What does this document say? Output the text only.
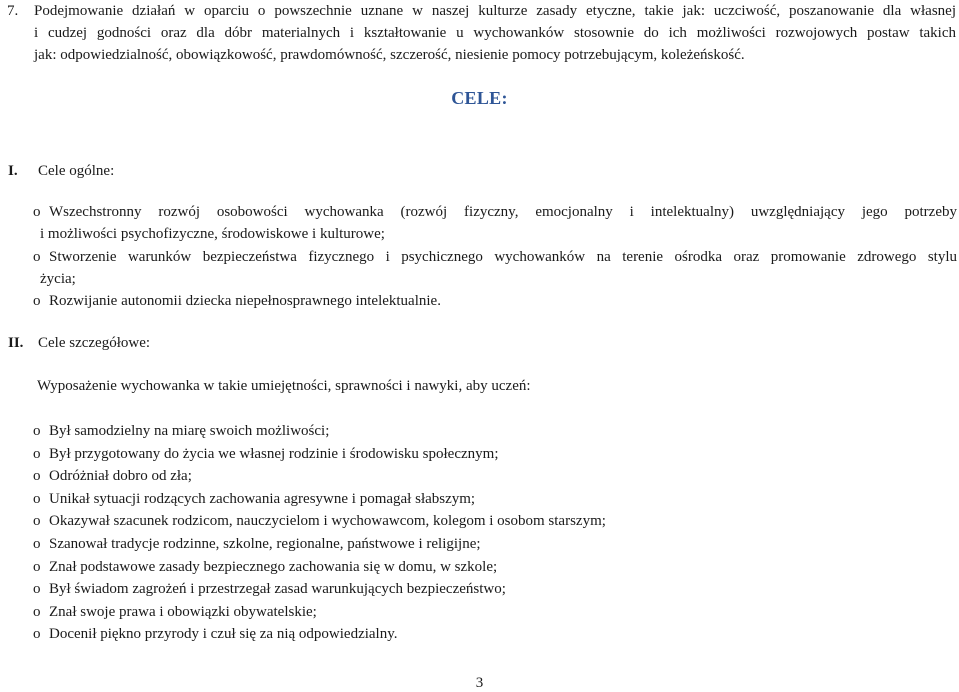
7. Podejmowanie działań w oparciu o powszechnie uznane w naszej kulturze zasady etyczne, takie jak: uczciwość, poszanowanie dla własnej
i cudzej godności oraz dla dóbr materialnych i kształtowanie u wychowanków stosownie do ich możliwości rozwojowych postaw takich
jak: odpowiedzialność, obowiązkowość, prawdomówność, szczerość, niesienie pomocy potrzebującym, koleżeńskość.
CELE:
I. Cele ogólne:
o Wszechstronny rozwój osobowości wychowanka (rozwój fizyczny, emocjonalny i intelektualny) uwzględniający jego potrzeby
i możliwości psychofizyczne, środowiskowe i kulturowe;
o Stworzenie warunków bezpieczeństwa fizycznego i psychicznego wychowanków na terenie ośrodka oraz promowanie zdrowego stylu
życia;
o Rozwijanie autonomii dziecka niepełnosprawnego intelektualnie.
II. Cele szczegółowe:
Wyposażenie wychowanka w takie umiejętności, sprawności i nawyki, aby uczeń:
o Był samodzielny na miarę swoich możliwości;
o Był przygotowany do życia we własnej rodzinie i środowisku społecznym;
o Odróżniał dobro od zła;
o Unikał sytuacji rodzących zachowania agresywne i pomagał słabszym;
o Okazywał szacunek rodzicom, nauczycielom i wychowawcom, kolegom i osobom starszym;
o Szanował tradycje rodzinne, szkolne, regionalne, państwowe i religijne;
o Znał podstawowe zasady bezpiecznego zachowania się w domu, w szkole;
o Był świadom zagrożeń i przestrzegał zasad warunkujących bezpieczeństwo;
o Znał swoje prawa i obowiązki obywatelskie;
o Docenił piękno przyrody i czuł się za nią odpowiedzialny.
3
